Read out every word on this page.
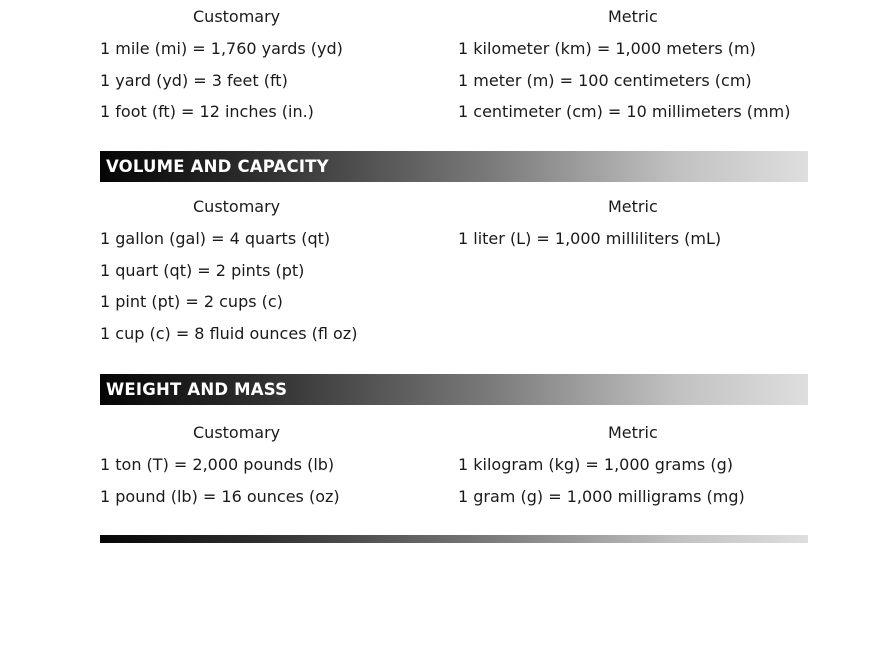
Customary
1 mile (mi) = 1,760 yards (yd)
1 yard (yd) = 3 feet (ft)
1 foot (ft) = 12 inches (in.)
Metric
1 kilometer (km) = 1,000 meters (m)
1 meter (m) = 100 centimeters (cm)
1 centimeter (cm) = 10 millimeters (mm)
VOLUME AND CAPACITY
Customary
1 gallon (gal) = 4 quarts (qt)
1 quart (qt) = 2 pints (pt)
1 pint (pt) = 2 cups (c)
1 cup (c) = 8 fluid ounces (fl oz)
Metric
1 liter (L) = 1,000 milliliters (mL)
WEIGHT AND MASS
Customary
1 ton (T) = 2,000 pounds (lb)
1 pound (lb) = 16 ounces (oz)
Metric
1 kilogram (kg) = 1,000 grams (g)
1 gram (g) = 1,000 milligrams (mg)
